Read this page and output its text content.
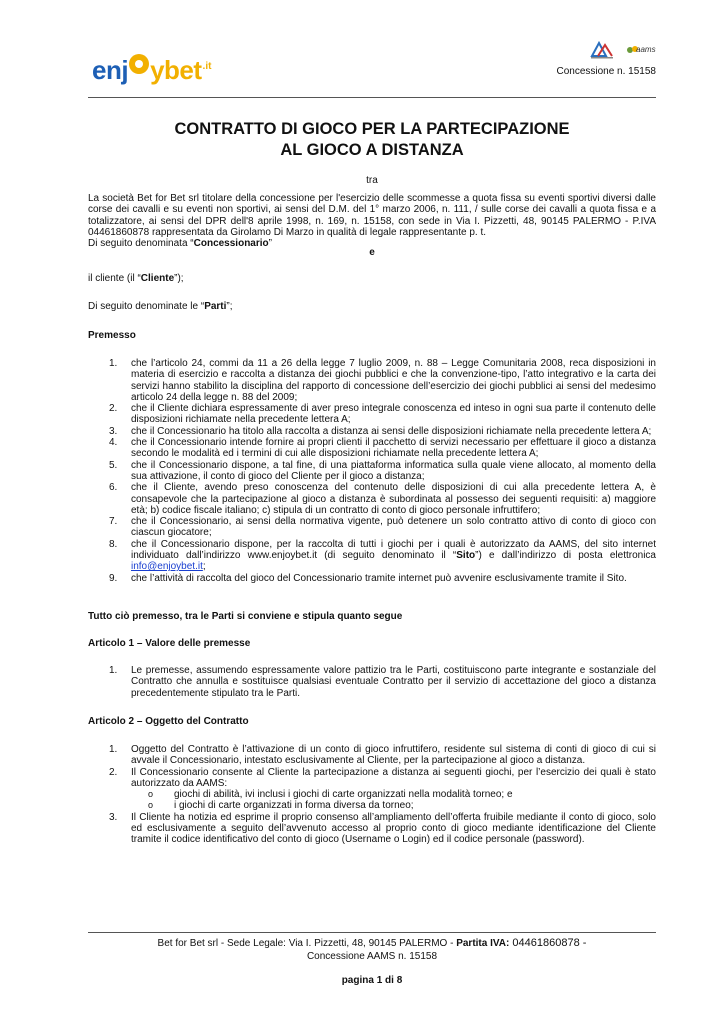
enj ybet .it
aams
Concessione n. 15158
CONTRATTO DI GIOCO PER LA PARTECIPAZIONE
AL GIOCO A DISTANZA
tra
La società Bet for Bet srl titolare della concessione per l'esercizio delle scommesse a quota fissa su eventi sportivi diversi dalle corse dei cavalli e su eventi non sportivi, ai sensi del D.M. del 1° marzo 2006, n. 111, / sulle corse dei cavalli a quota fissa e a totalizzatore, ai sensi del DPR dell'8 aprile 1998, n. 169, n. 15158, con sede in Via I. Pizzetti, 48, 90145 PALERMO - P.IVA 04461860878 rappresentata da Girolamo Di Marzo in qualità di legale rappresentante p. t.
Di seguito denominata “Concessionario”
e
il cliente (il “Cliente”);
Di seguito denominate le “Parti”;
Premesso
1. che l’articolo 24, commi da 11 a 26 della legge 7 luglio 2009, n. 88 – Legge Comunitaria 2008, reca disposizioni in materia di esercizio e raccolta a distanza dei giochi pubblici e che la convenzione-tipo, l’atto integrativo e la carta dei servizi hanno stabilito la disciplina del rapporto di concessione dell’esercizio dei giochi pubblici ai sensi del medesimo articolo 24 della legge n. 88 del 2009;
2. che il Cliente dichiara espressamente di aver preso integrale conoscenza ed inteso in ogni sua parte il contenuto delle disposizioni richiamate nella precedente lettera A;
3. che il Concessionario ha titolo alla raccolta a distanza ai sensi delle disposizioni richiamate nella precedente lettera A;
4. che il Concessionario intende fornire ai propri clienti il pacchetto di servizi necessario per effettuare il gioco a distanza secondo le modalità ed i termini di cui alle disposizioni richiamate nella precedente lettera A;
5. che il Concessionario dispone, a tal fine, di una piattaforma informatica sulla quale viene allocato, al momento della sua attivazione, il conto di gioco del Cliente per il gioco a distanza;
6. che il Cliente, avendo preso conoscenza del contenuto delle disposizioni di cui alla precedente lettera A, è consapevole che la partecipazione al gioco a distanza è subordinata al possesso dei seguenti requisiti: a) maggiore età; b) codice fiscale italiano; c) stipula di un contratto di conto di gioco personale infruttifero;
7. che il Concessionario, ai sensi della normativa vigente, può detenere un solo contratto attivo di conto di gioco con ciascun giocatore;
8. che il Concessionario dispone, per la raccolta di tutti i giochi per i quali è autorizzato da AAMS, del sito internet individuato dall’indirizzo www.enjoybet.it (di seguito denominato il “Sito”) e dall’indirizzo di posta elettronica info@enjoybet.it;
9. che l’attività di raccolta del gioco del Concessionario tramite internet può avvenire esclusivamente tramite il Sito.
Tutto ciò premesso, tra le Parti si conviene e stipula quanto segue
Articolo 1 – Valore delle premesse
1. Le premesse, assumendo espressamente valore pattizio tra le Parti, costituiscono parte integrante e sostanziale del Contratto che annulla e sostituisce qualsiasi eventuale Contratto per il servizio di accettazione del gioco a distanza precedentemente stipulato tra le Parti.
Articolo 2 – Oggetto del Contratto
1. Oggetto del Contratto è l’attivazione di un conto di gioco infruttifero, residente sul sistema di conti di gioco di cui si avvale il Concessionario, intestato esclusivamente al Cliente, per la partecipazione al gioco a distanza.
2. Il Concessionario consente al Cliente la partecipazione a distanza ai seguenti giochi, per l’esercizio dei quali è stato autorizzato da AAMS:
o giochi di abilità, ivi inclusi i giochi di carte organizzati nella modalità torneo; e
o i giochi di carte organizzati in forma diversa da torneo;
3. Il Cliente ha notizia ed esprime il proprio consenso all’ampliamento dell’offerta fruibile mediante il conto di gioco, solo ed esclusivamente a seguito dell’avvenuto accesso al proprio conto di gioco mediante identificazione del Cliente tramite il codice identificativo del conto di gioco (Username o Login) ed il codice personale (password).
Bet for Bet srl - Sede Legale: Via I. Pizzetti, 48, 90145 PALERMO - Partita IVA: 04461860878 -
Concessione AAMS n. 15158
pagina 1 di 8
